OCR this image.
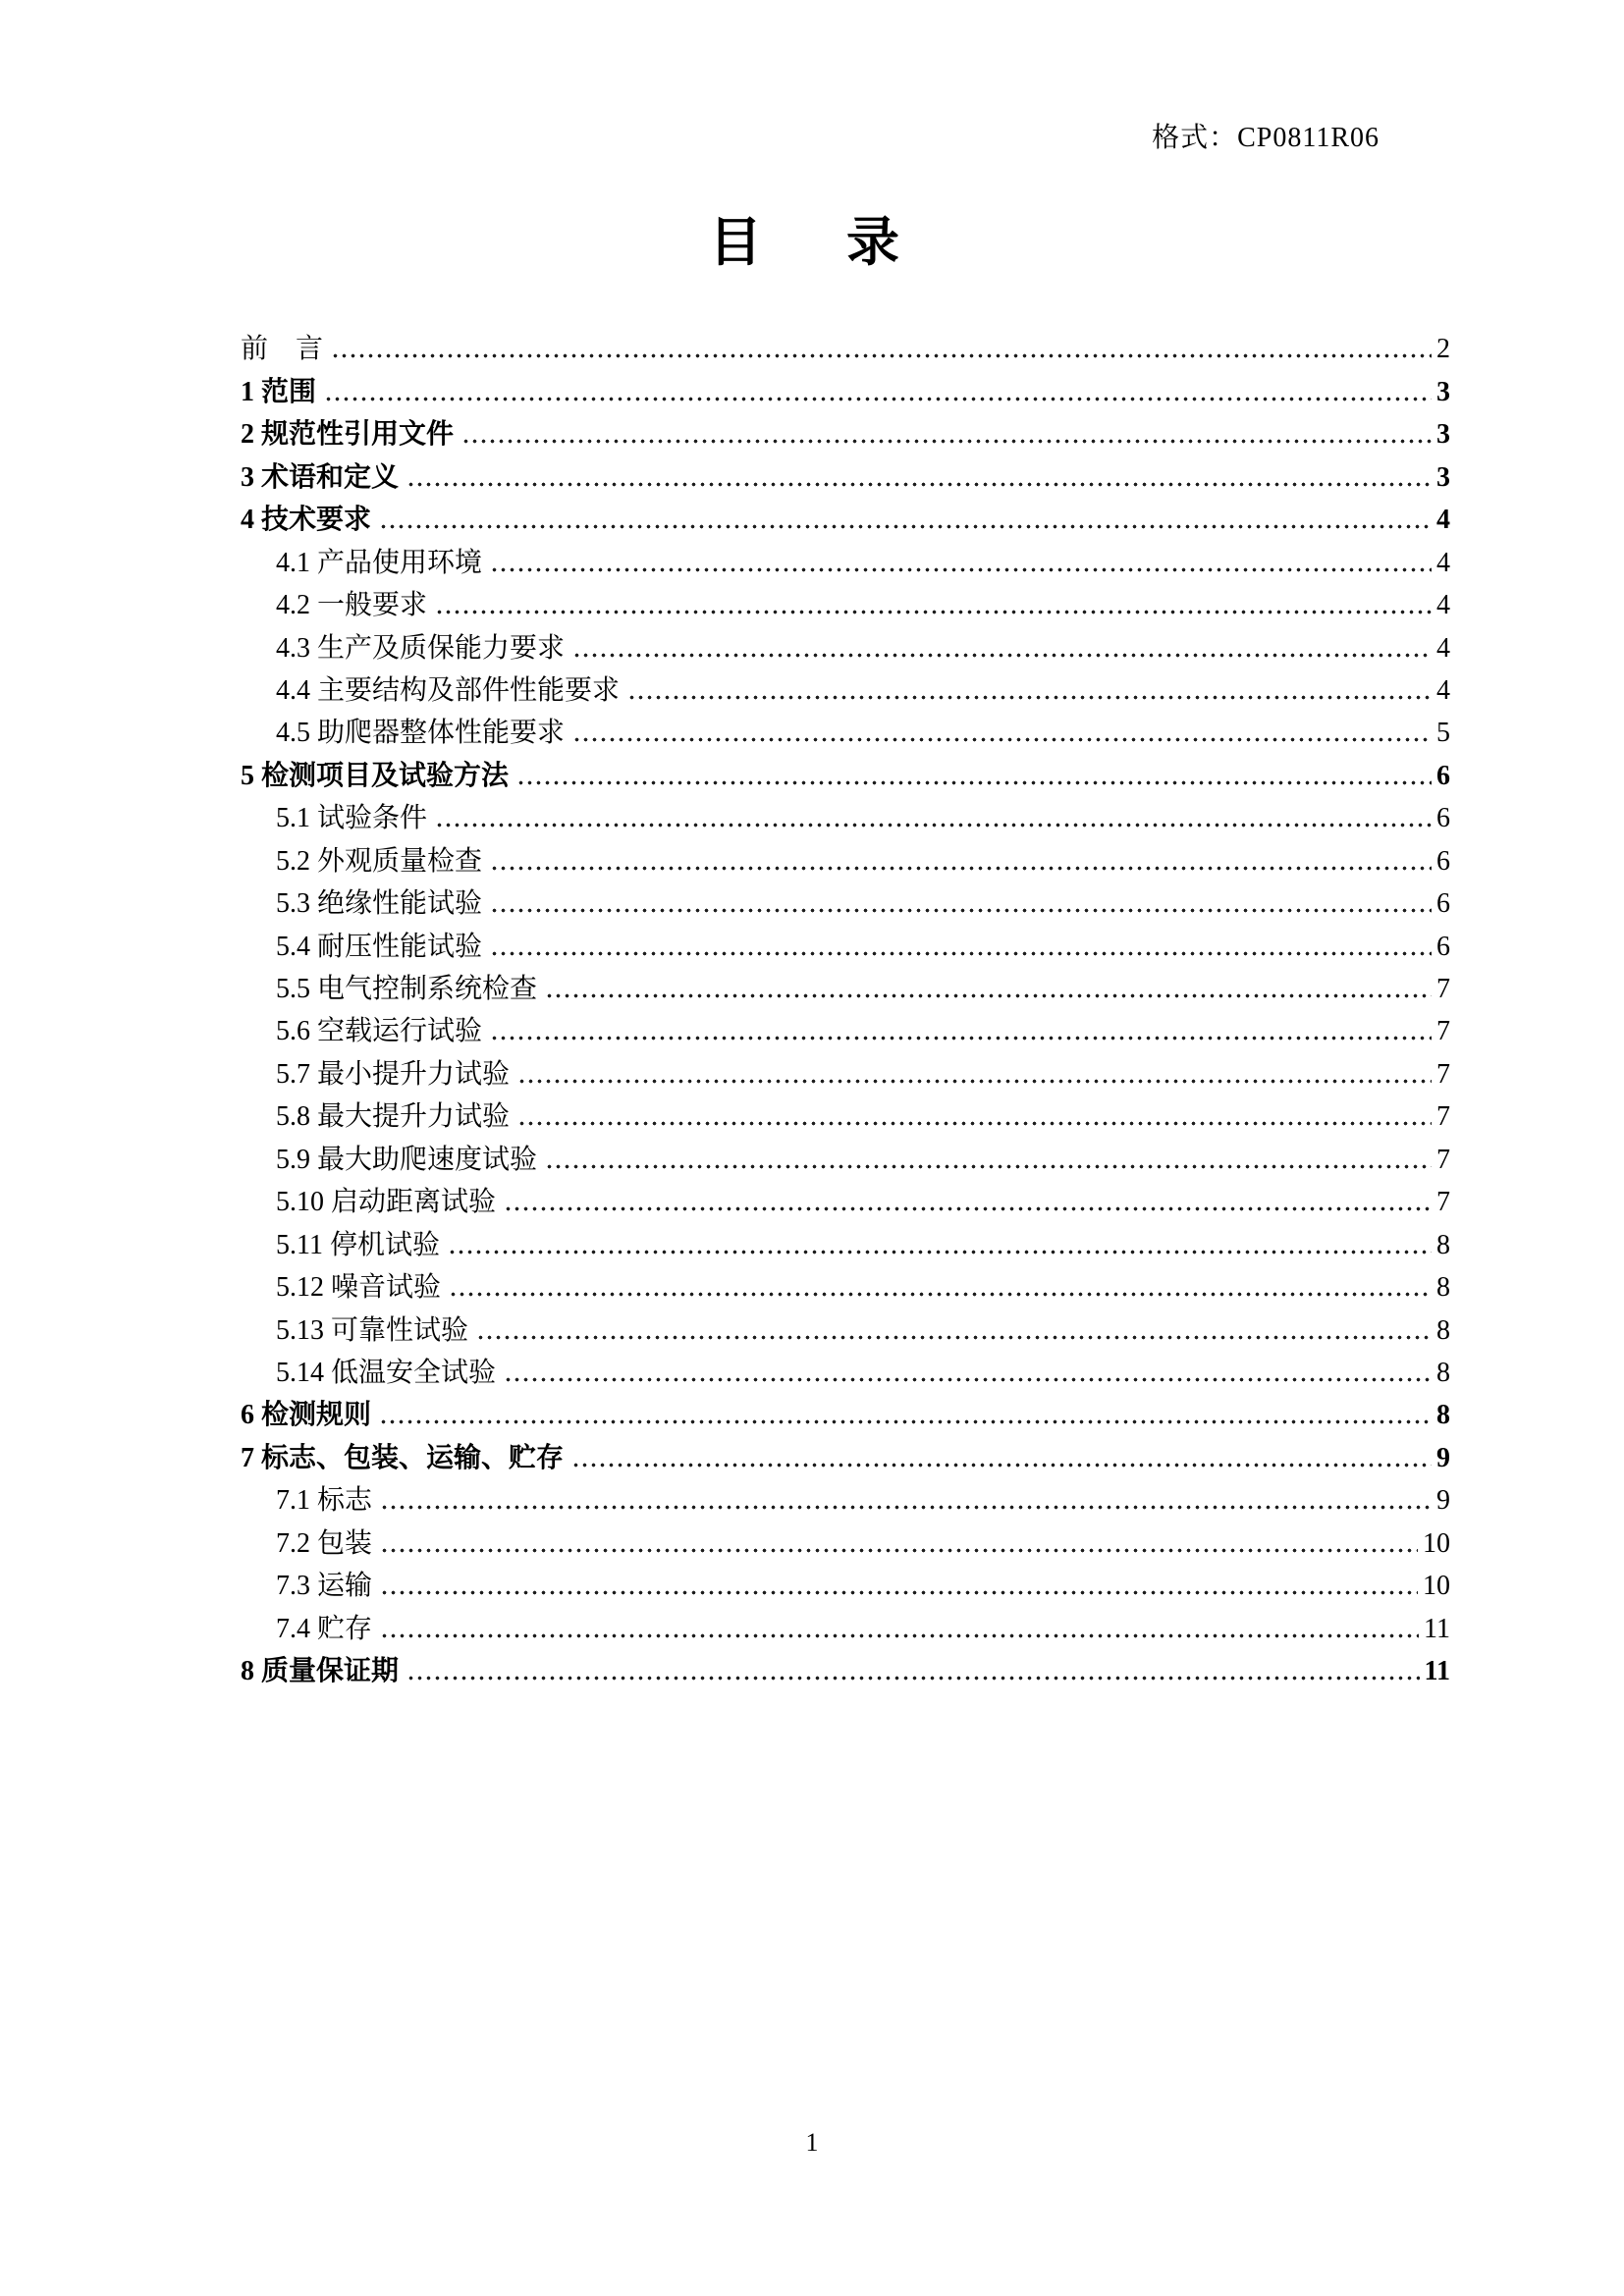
格式：CP0811R06
目　录
前　言	2
1 范围	3
2 规范性引用文件	3
3 术语和定义	3
4 技术要求	4
4.1 产品使用环境	4
4.2 一般要求	4
4.3 生产及质保能力要求	4
4.4 主要结构及部件性能要求	4
4.5 助爬器整体性能要求	5
5 检测项目及试验方法	6
5.1 试验条件	6
5.2 外观质量检查	6
5.3 绝缘性能试验	6
5.4 耐压性能试验	6
5.5 电气控制系统检查	7
5.6 空载运行试验	7
5.7 最小提升力试验	7
5.8 最大提升力试验	7
5.9 最大助爬速度试验	7
5.10 启动距离试验	7
5.11 停机试验	8
5.12 噪音试验	8
5.13 可靠性试验	8
5.14 低温安全试验	8
6 检测规则	8
7 标志、包装、运输、贮存	9
7.1 标志	9
7.2 包装	10
7.3 运输	10
7.4 贮存	11
8 质量保证期	11
1
